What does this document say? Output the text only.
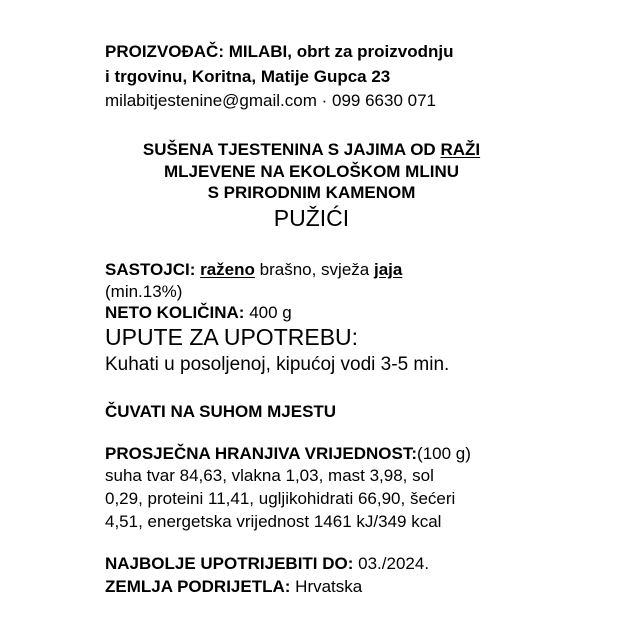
PROIZVOĐAČ: MILABI, obrt za proizvodnju
i trgovinu, Koritna, Matije Gupca 23
milabitjestenine@gmail.com · 099 6630 071
SUŠENA TJESTENINA S JAJIMA OD RAŽI
MLJEVENE NA EKOLOŠKOM MLINU
S PRIRODNIM KAMENOM
PUŽIĆI
SASTOJCI: raženo brašno, svježa jaja
(min.13%)
NETO KOLIČINA: 400 g
UPUTE ZA UPOTREBU:
Kuhati u posoljenoj, kipućoj vodi 3-5 min.
ČUVATI NA SUHOM MJESTU
PROSJEČNA HRANJIVA VRIJEDNOST:(100 g)
suha tvar 84,63, vlakna 1,03, mast 3,98, sol
0,29, proteini 11,41, ugljikohidrati 66,90, šećeri
4,51, energetska vrijednost 1461 kJ/349 kcal
NAJBOLJE UPOTRIJEBITI DO: 03./2024.
ZEMLJA PODRIJETLA: Hrvatska
